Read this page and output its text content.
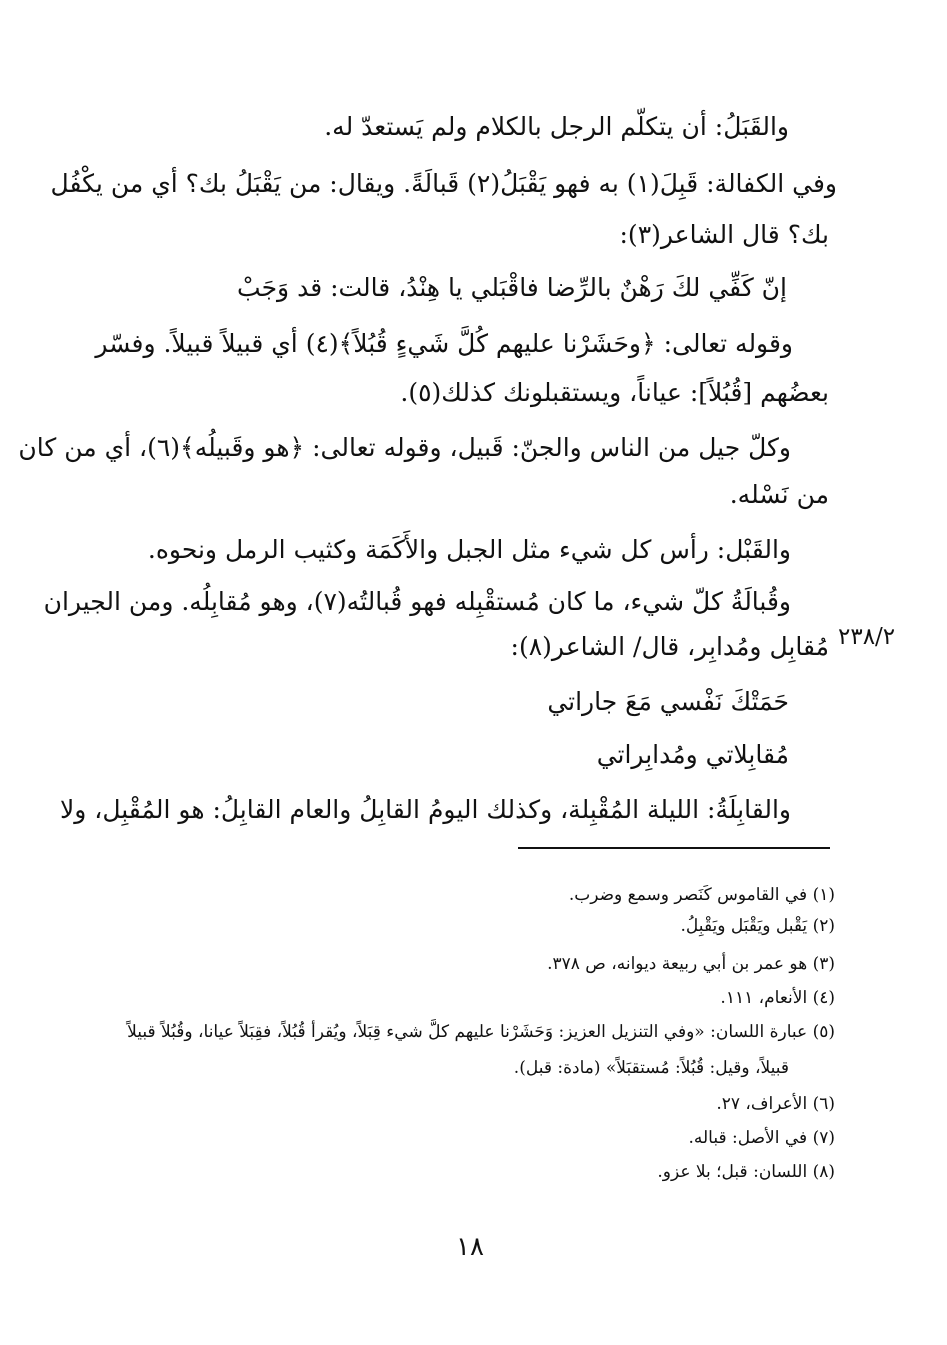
والقَبَلُ: أن يتكلّم الرجل بالكلام ولم يَستعدّ له.
وفي الكفالة: قَبِلَ(١) به فهو يَقْبَلُ(٢) قَبالَةً. ويقال: من يَقْبَلُ بك؟ أي من يكْفُل
بك؟ قال الشاعر(٣):
إنّ كَفِّي لكَ رَهْنٌ بالرِّضا فاقْبَلي يا هِنْدُ، قالت: قد وَجَبْ
وقوله تعالى: ﴿وحَشَرْنا عليهم كُلَّ شَيءٍ قُبُلاً﴾(٤) أي قبيلاً قبيلاً. وفسّر
بعضُهم [قُبُلاً]: عياناً، ويستقبلونك كذلك(٥).
وكلّ جيل من الناس والجنّ: قَبيل، وقوله تعالى: ﴿هو وقَبيلُه﴾(٦)، أي من كان
من نَسْله.
والقَبْل: رأس كل شيء مثل الجبل والأَكَمَة وكثيب الرمل ونحوه.
وقُبالَةُ كلّ شيء، ما كان مُستقْبِله فهو قُبالتُه(٧)، وهو مُقابِلُه. ومن الجيران
٢٣٨/٢
مُقابِل ومُدابِر، قال/ الشاعر(٨):
حَمَتْكَ نَفْسي مَعَ جاراتي
مُقابِلاتي ومُدابِراتي
والقابِلَةُ: الليلة المُقْبِلة، وكذلك اليومُ القابِلُ والعام القابِلُ: هو المُقْبِل، ولا
(١) في القاموس كَنَصر وسمع وضرب.
(٢) يَقْبل ويَقْبَل ويَقْبِلُ.
(٣) هو عمر بن أبي ربيعة ديوانه، ص ٣٧٨.
(٤) الأنعام، ١١١.
(٥) عبارة اللسان: «وفي التنزيل العزيز: وَحَشَرْنا عليهم كلَّ شيء قِبَلاً، ويُقرأ قُبُلاً، فقِبَلاً عيانا، وقُبُلاً قبيلاً
قبيلاً، وقيل: قُبُلاً: مُستقبَلاً» (مادة: قبل).
(٦) الأعراف، ٢٧.
(٧) في الأصل: قباله.
(٨) اللسان: قبل؛ بلا عزو.
١٨
